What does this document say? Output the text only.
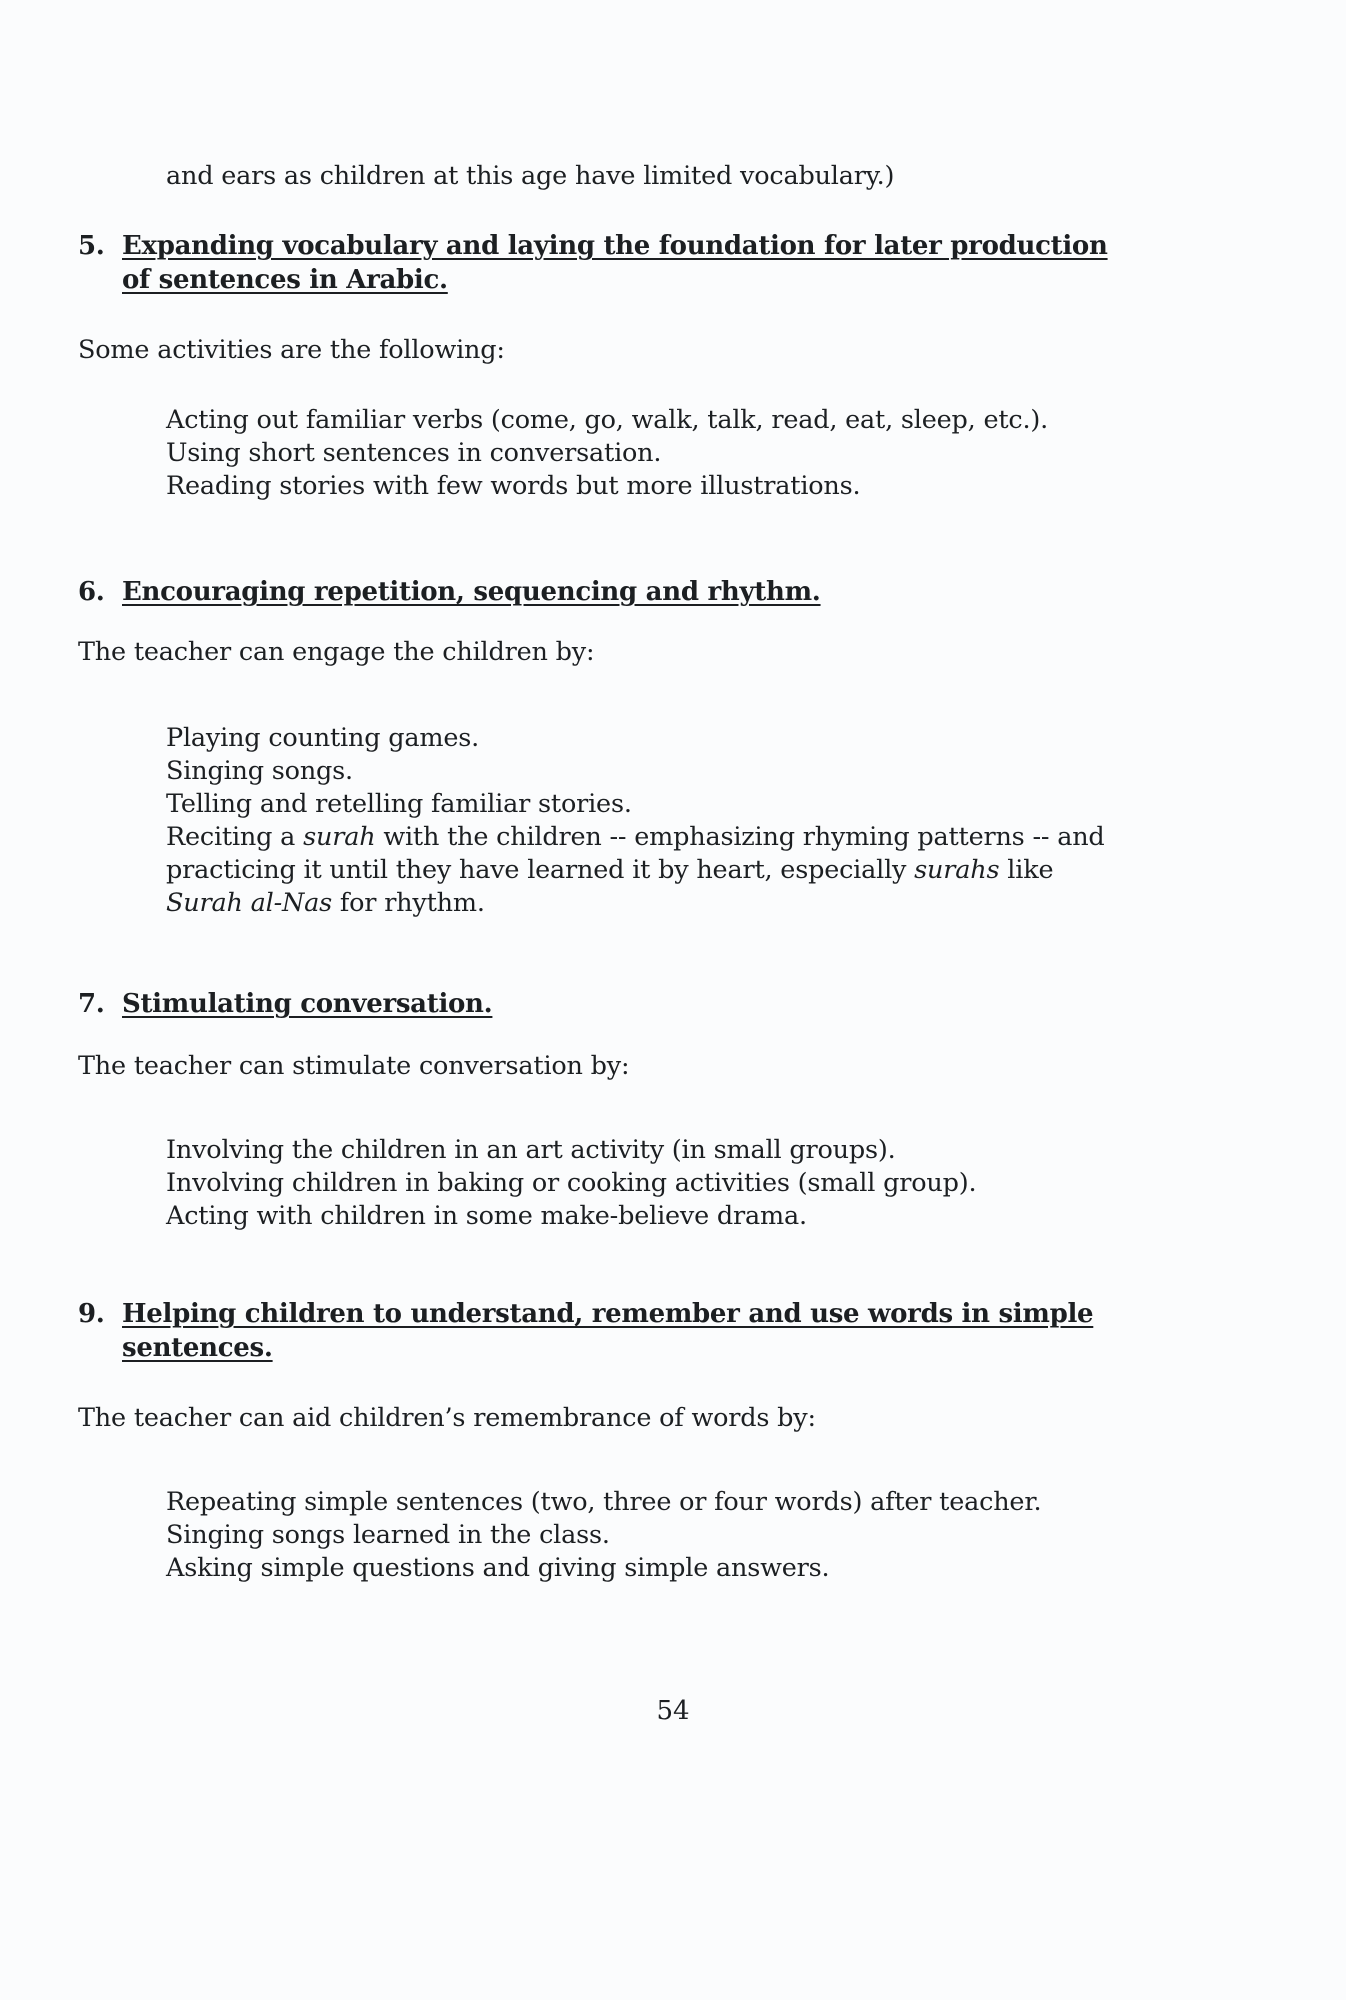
and ears as children at this age have limited vocabulary.)
5. Expanding vocabulary and laying the foundation for later production
of sentences in Arabic.
Some activities are the following:
Acting out familiar verbs (come, go, walk, talk, read, eat, sleep, etc.).
Using short sentences in conversation.
Reading stories with few words but more illustrations.
6. Encouraging repetition, sequencing and rhythm.
The teacher can engage the children by:
Playing counting games.
Singing songs.
Telling and retelling familiar stories.
Reciting a surah with the children -- emphasizing rhyming patterns -- and
practicing it until they have learned it by heart, especially surahs like
Surah al-Nas for rhythm.
7. Stimulating conversation.
The teacher can stimulate conversation by:
Involving the children in an art activity (in small groups).
Involving children in baking or cooking activities (small group).
Acting with children in some make-believe drama.
9. Helping children to understand, remember and use words in simple
sentences.
The teacher can aid children’s remembrance of words by:
Repeating simple sentences (two, three or four words) after teacher.
Singing songs learned in the class.
Asking simple questions and giving simple answers.
54
